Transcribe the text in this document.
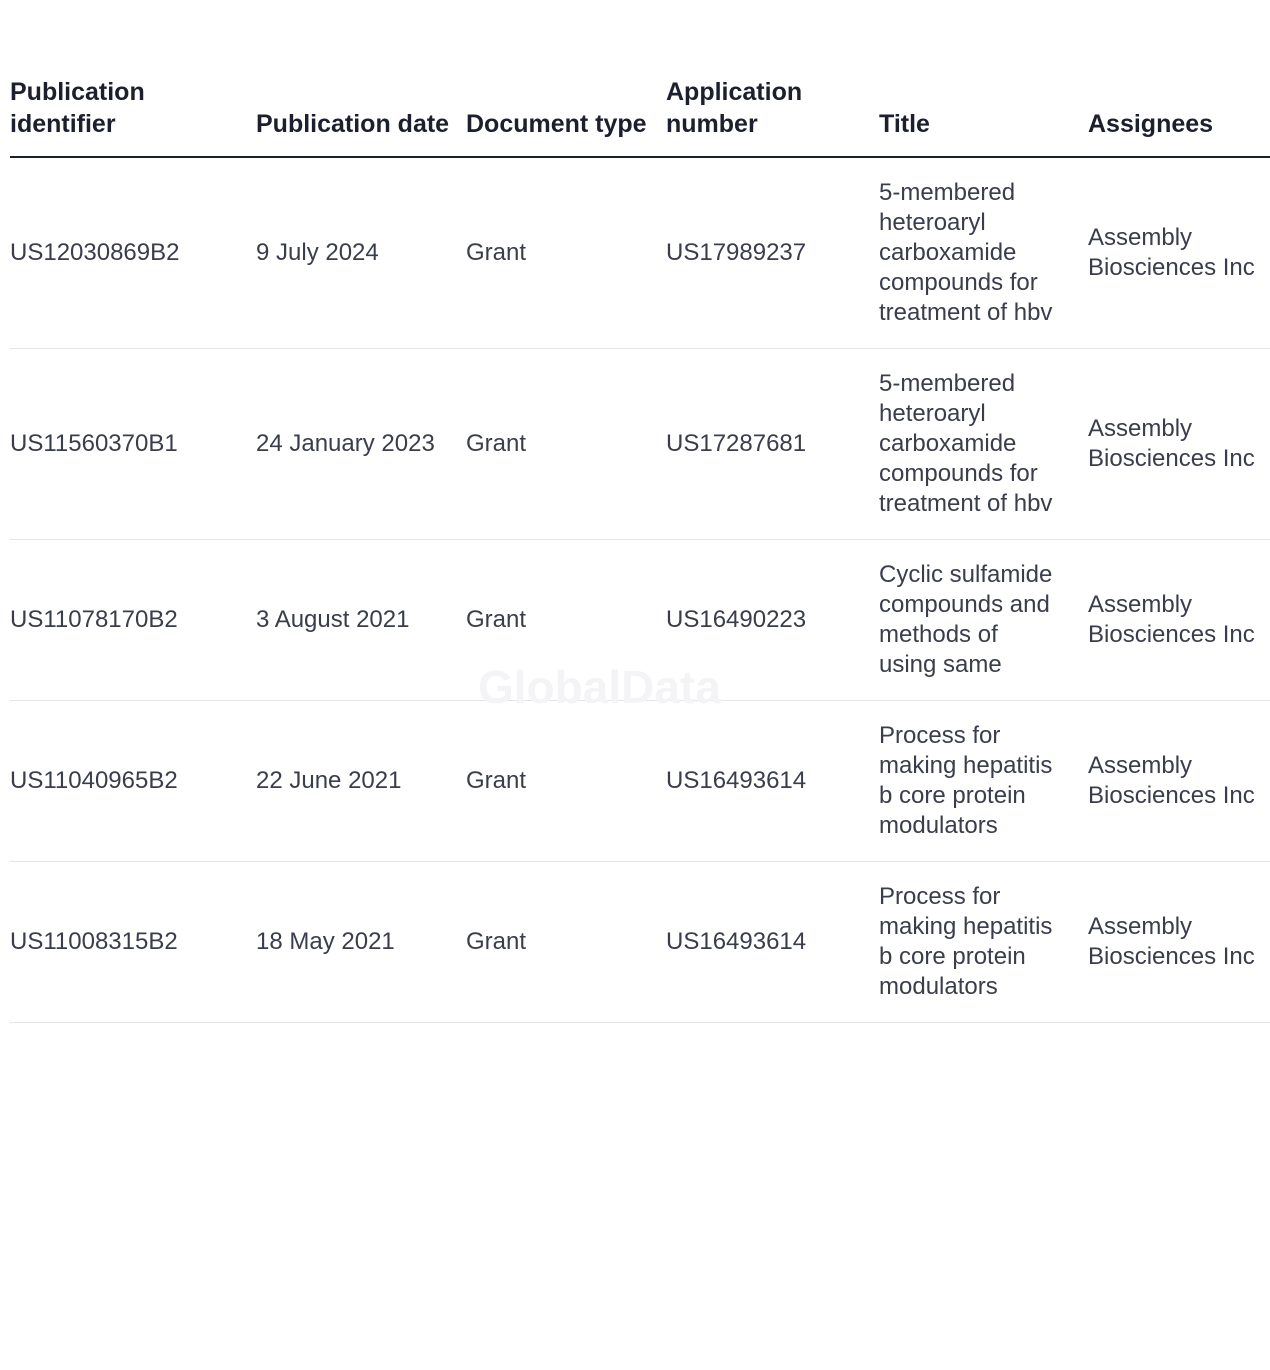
Publication identifier	Publication date	Document type	Application number	Title	Assignees
US12030869B2	9 July 2024	Grant	US17989237	5-membered heteroaryl carboxamide compounds for treatment of hbv	Assembly Biosciences Inc
US11560370B1	24 January 2023	Grant	US17287681	5-membered heteroaryl carboxamide compounds for treatment of hbv	Assembly Biosciences Inc
US11078170B2	3 August 2021	Grant	US16490223	Cyclic sulfamide compounds and methods of using same	Assembly Biosciences Inc
US11040965B2	22 June 2021	Grant	US16493614	Process for making hepatitis b core protein modulators	Assembly Biosciences Inc
US11008315B2	18 May 2021	Grant	US16493614	Process for making hepatitis b core protein modulators	Assembly Biosciences Inc
GlobalData
